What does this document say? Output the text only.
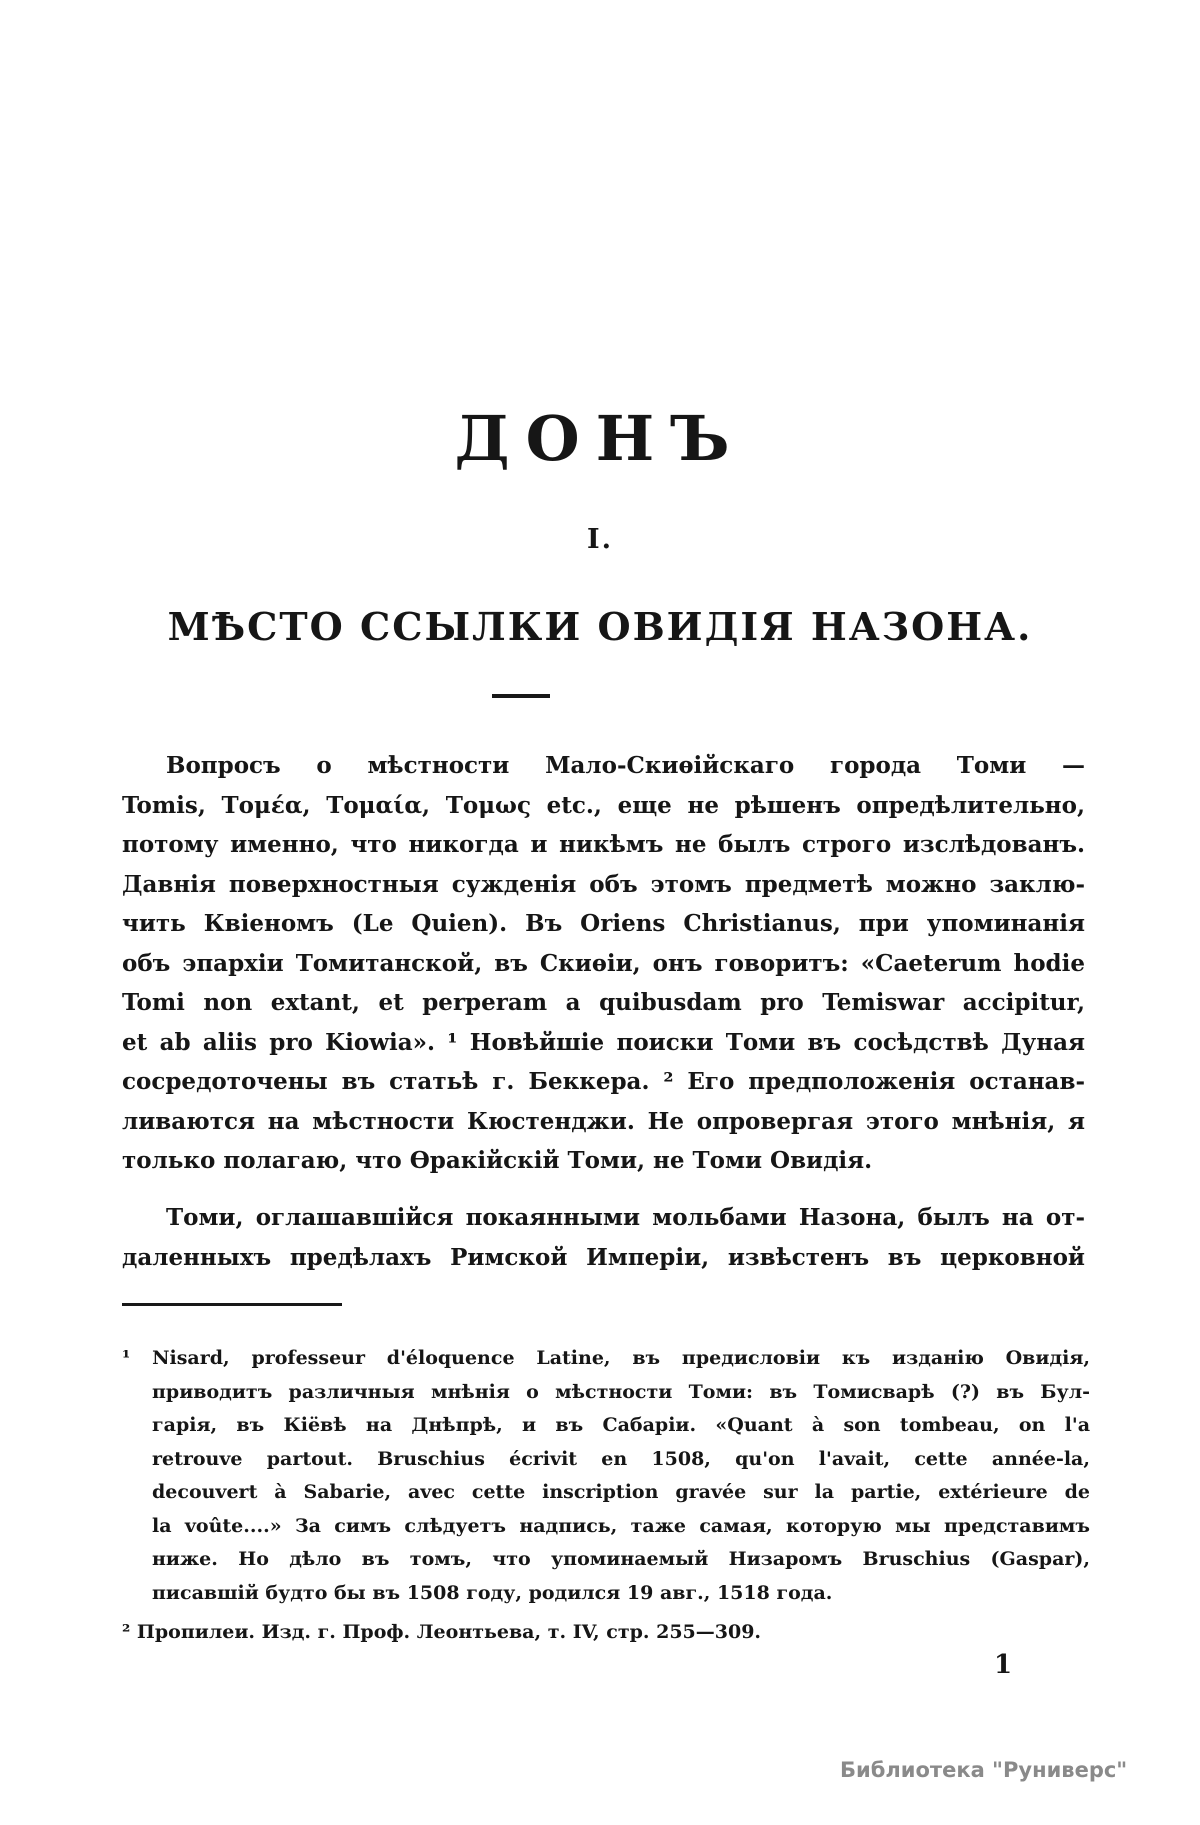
ДОНЪ
I.
МѢСТО ССЫЛКИ ОВИДІЯ НАЗОНА.
Вопросъ о мѣстности Мало-Скиѳійскаго города Томи —
Tomis, Τομέα, Τομαία, Τομως etc., еще не рѣшенъ опредѣлительно,
потому именно, что никогда и никѣмъ не былъ строго изслѣдованъ.
Давнія поверхностныя сужденія объ этомъ предметѣ можно заклю-
чить Квіеномъ (Le Quien). Въ Oriens Christianus, при упоминанія
объ эпархіи Томитанской, въ Скиѳіи, онъ говоритъ: «Caeterum hodie
Tomi non extant, et perperam a quibusdam pro Temiswar accipitur,
et ab aliis pro Kiowia». ¹ Новѣйшіе поиски Томи въ сосѣдствѣ Дуная
сосредоточены въ статьѣ г. Беккера. ² Его предположенія останав-
ливаются на мѣстности Кюстенджи. Не опровергая этого мнѣнія, я
только полагаю, что Ѳракійскій Томи, не Томи Овидія.
Томи, оглашавшійся покаянными мольбами Назона, былъ на от-
даленныхъ предѣлахъ Римской Имперіи, извѣстенъ въ церковной
¹ Nisard, professeur d'éloquence Latine, въ предисловіи къ изданію Овидія,
приводитъ различныя мнѣнія о мѣстности Томи: въ Томисварѣ (?) въ Бул-
гарія, въ Кіёвѣ на Днѣпрѣ, и въ Сабаріи. «Quant à son tombeau, on l'a
retrouve partout. Bruschius écrivit en 1508, qu'on l'avait, cette année-la,
decouvert à Sabarie, avec cette inscription gravée sur la partie, extérieure de
la voûte....» За симъ слѣдуетъ надпись, таже самая, которую мы представимъ
ниже. Но дѣло въ томъ, что упоминаемый Низаромъ Bruschius (Gaspar),
писавшій будто бы въ 1508 году, родился 19 авг., 1518 года.
² Пропилеи. Изд. г. Проф. Леонтьева, т. IV, стр. 255—309.
1
Библиотека "Руниверс"
